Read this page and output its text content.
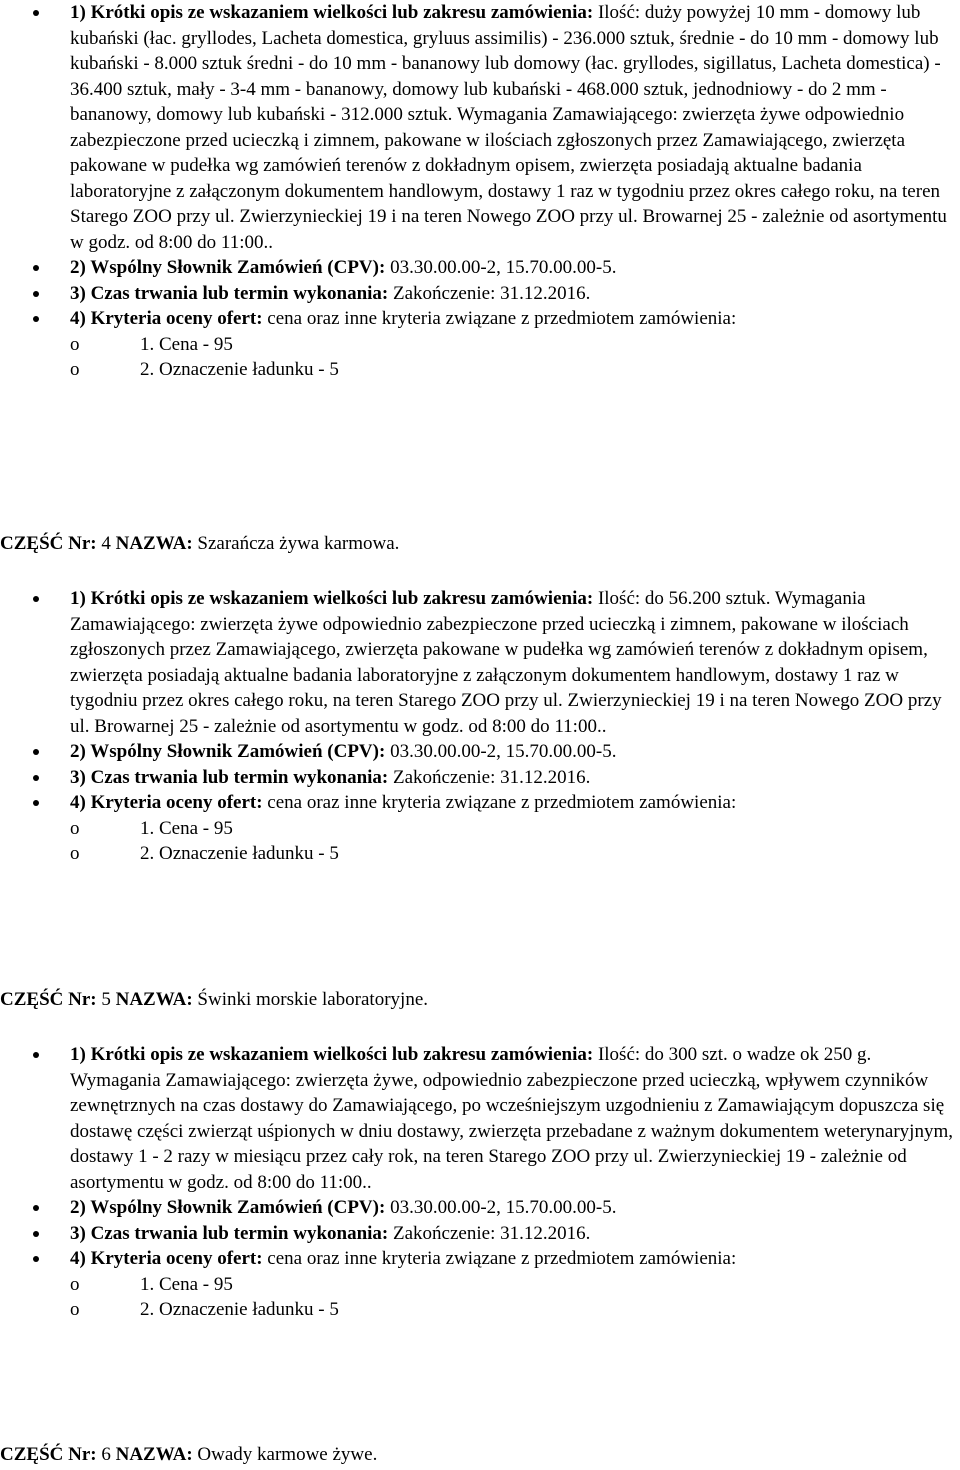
1) Krótki opis ze wskazaniem wielkości lub zakresu zamówienia: Ilość: duży powyżej 10 mm - domowy lub kubański (łac. gryllodes, Lacheta domestica, gryluus assimilis) - 236.000 sztuk, średnie - do 10 mm - domowy lub kubański - 8.000 sztuk średni - do 10 mm - bananowy lub domowy (łac. gryllodes, sigillatus, Lacheta domestica) - 36.400 sztuk, mały - 3-4 mm - bananowy, domowy lub kubański - 468.000 sztuk, jednodniowy - do 2 mm - bananowy, domowy lub kubański - 312.000 sztuk. Wymagania Zamawiającego: zwierzęta żywe odpowiednio zabezpieczone przed ucieczką i zimnem, pakowane w ilościach zgłoszonych przez Zamawiającego, zwierzęta pakowane w pudełka wg zamówień terenów z dokładnym opisem, zwierzęta posiadają aktualne badania laboratoryjne z załączonym dokumentem handlowym, dostawy 1 raz w tygodniu przez okres całego roku, na teren Starego ZOO przy ul. Zwierzynieckiej 19 i na teren Nowego ZOO przy ul. Browarnej 25 - zależnie od asortymentu w godz. od 8:00 do 11:00..
2) Wspólny Słownik Zamówień (CPV): 03.30.00.00-2, 15.70.00.00-5.
3) Czas trwania lub termin wykonania: Zakończenie: 31.12.2016.
4) Kryteria oceny ofert: cena oraz inne kryteria związane z przedmiotem zamówienia:
o	1. Cena - 95
o	2. Oznaczenie ładunku - 5
CZĘŚĆ Nr: 4 NAZWA: Szarańcza żywa karmowa.
1) Krótki opis ze wskazaniem wielkości lub zakresu zamówienia: Ilość: do 56.200 sztuk. Wymagania Zamawiającego: zwierzęta żywe odpowiednio zabezpieczone przed ucieczką i zimnem, pakowane w ilościach zgłoszonych przez Zamawiającego, zwierzęta pakowane w pudełka wg zamówień terenów z dokładnym opisem, zwierzęta posiadają aktualne badania laboratoryjne z załączonym dokumentem handlowym, dostawy 1 raz w tygodniu przez okres całego roku, na teren Starego ZOO przy ul. Zwierzynieckiej 19 i na teren Nowego ZOO przy ul. Browarnej 25 - zależnie od asortymentu w godz. od 8:00 do 11:00..
2) Wspólny Słownik Zamówień (CPV): 03.30.00.00-2, 15.70.00.00-5.
3) Czas trwania lub termin wykonania: Zakończenie: 31.12.2016.
4) Kryteria oceny ofert: cena oraz inne kryteria związane z przedmiotem zamówienia:
o	1. Cena - 95
o	2. Oznaczenie ładunku - 5
CZĘŚĆ Nr: 5 NAZWA: Świnki morskie laboratoryjne.
1) Krótki opis ze wskazaniem wielkości lub zakresu zamówienia: Ilość: do 300 szt. o wadze ok 250 g. Wymagania Zamawiającego: zwierzęta żywe, odpowiednio zabezpieczone przed ucieczką, wpływem czynników zewnętrznych na czas dostawy do Zamawiającego, po wcześniejszym uzgodnieniu z Zamawiającym dopuszcza się dostawę części zwierząt uśpionych w dniu dostawy, zwierzęta przebadane z ważnym dokumentem weterynaryjnym, dostawy 1 - 2 razy w miesiącu przez cały rok, na teren Starego ZOO przy ul. Zwierzynieckiej 19 - zależnie od asortymentu w godz. od 8:00 do 11:00..
2) Wspólny Słownik Zamówień (CPV): 03.30.00.00-2, 15.70.00.00-5.
3) Czas trwania lub termin wykonania: Zakończenie: 31.12.2016.
4) Kryteria oceny ofert: cena oraz inne kryteria związane z przedmiotem zamówienia:
o	1. Cena - 95
o	2. Oznaczenie ładunku - 5
CZĘŚĆ Nr: 6 NAZWA: Owady karmowe żywe.
